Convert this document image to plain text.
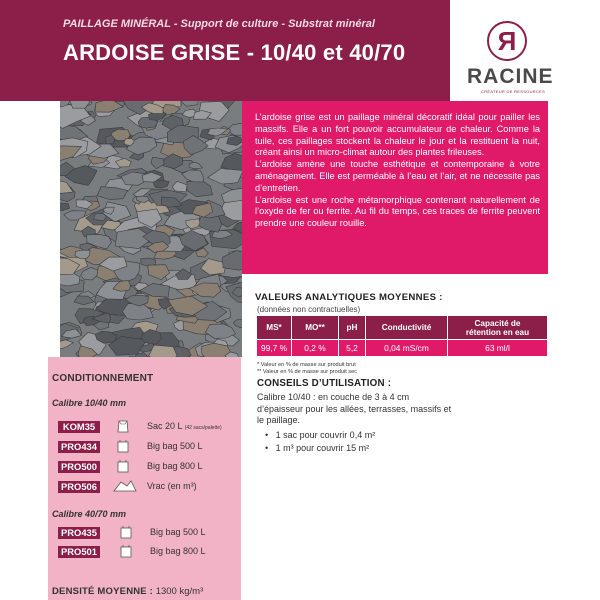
PAILLAGE MINÉRAL - Support de culture - Substrat minéral
ARDOISE GRISE - 10/40 et 40/70	R
RACINE
CRÉATEUR DE RESSOURCES

L’ardoise grise est un paillage minéral décoratif idéal pour pailler les massifs. Elle a un fort pouvoir accumulateur de chaleur. Comme la tuile, ces paillages stockent la chaleur le jour et la restituent la nuit, créant ainsi un micro-climat autour des plantes frileuses.

L’ardoise amène une touche esthétique et contemporaine à votre aménagement. Elle est perméable à l’eau et l’air, et ne nécessite pas d’entretien.

L’ardoise est une roche métamorphique contenant naturellement de l’oxyde de fer ou ferrite. Au fil du temps, ces traces de ferrite peuvent prendre une couleur rouille.

VALEURS ANALYTIQUES MOYENNES :
(données non contractuelles)
MS*	MO**	pH	Conductivité	Capacité de rétention en eau
99,7 %	0,2 %	5,2	0,04 mS/cm	63 ml/l
* Valeur en % de masse sur produit brut
** Valeur en % de masse sur produit sec
CONDITIONNEMENT
Calibre 10/40 mm
KOM35	Sac 20 L (42 sacs/palette)
PRO434	Big bag 500 L
PRO500	Big bag 800 L
PRO506	Vrac (en m³)
Calibre 40/70 mm
PRO435	Big bag 500 L
PRO501	Big bag 800 L
DENSITÉ MOYENNE : 1300 kg/m³
CONSEILS D’UTILISATION :
Calibre 10/40 : en couche de 3 à 4 cm d’épaisseur pour les allées, terrasses, massifs et le paillage.
•   1 sac pour couvrir 0,4 m²
•   1 m³ pour couvrir 15 m²
